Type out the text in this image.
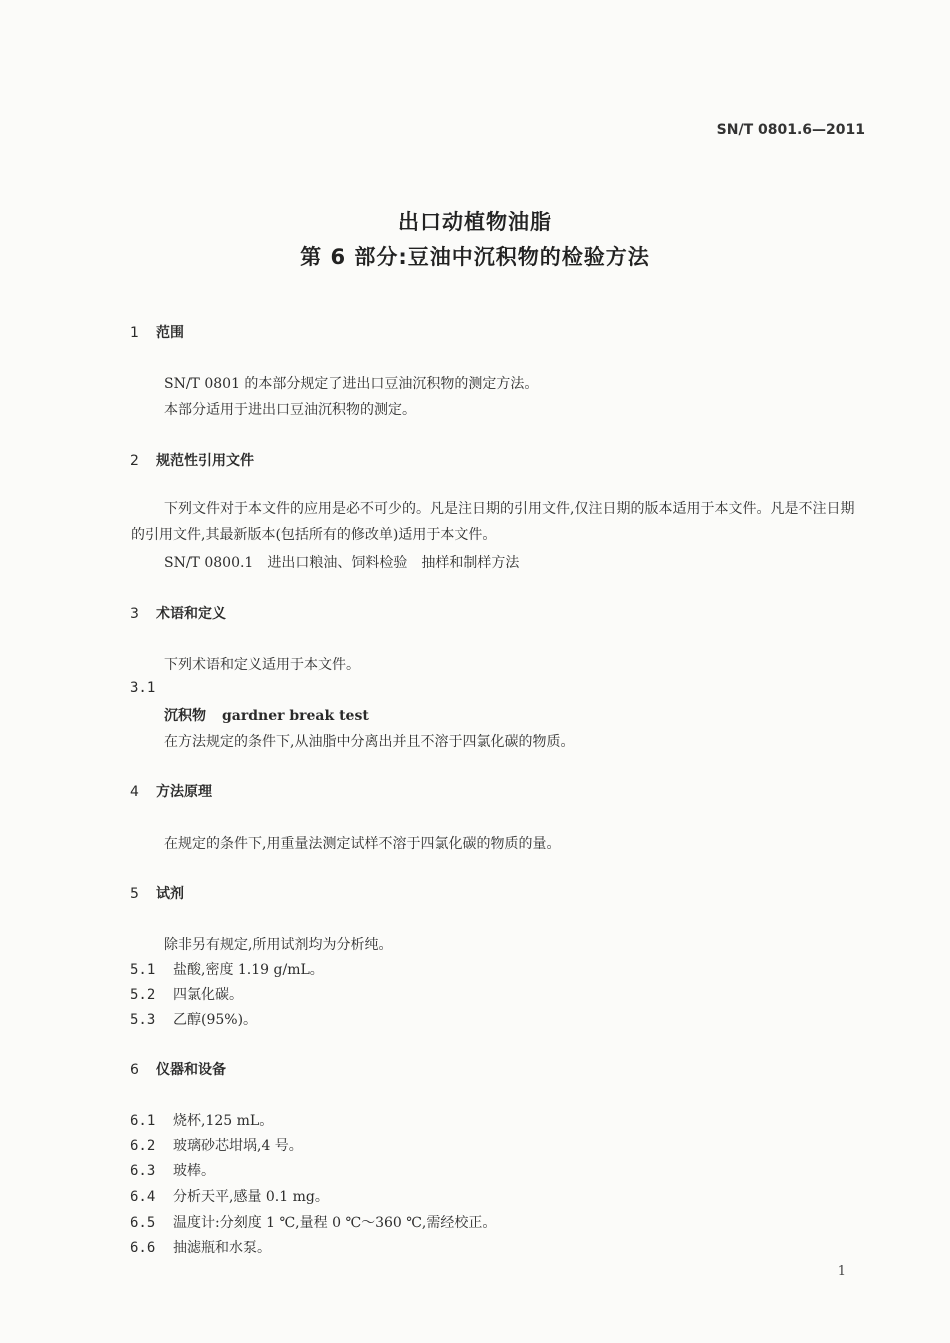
SN/T 0801.6—2011
出口动植物油脂
第 6 部分:豆油中沉积物的检验方法
1 范围
SN/T 0801 的本部分规定了进出口豆油沉积物的测定方法。
本部分适用于进出口豆油沉积物的测定。
2 规范性引用文件
下列文件对于本文件的应用是必不可少的。凡是注日期的引用文件,仅注日期的版本适用于本文件。凡是不注日期的引用文件,其最新版本(包括所有的修改单)适用于本文件。
SN/T 0800.1　进出口粮油、饲料检验　抽样和制样方法
3 术语和定义
下列术语和定义适用于本文件。
3.1
沉积物 gardner break test
在方法规定的条件下,从油脂中分离出并且不溶于四氯化碳的物质。
4 方法原理
在规定的条件下,用重量法测定试样不溶于四氯化碳的物质的量。
5 试剂
除非另有规定,所用试剂均为分析纯。
5.1 盐酸,密度 1.19 g/mL。
5.2 四氯化碳。
5.3 乙醇(95%)。
6 仪器和设备
6.1 烧杯,125 mL。
6.2 玻璃砂芯坩埚,4 号。
6.3 玻棒。
6.4 分析天平,感量 0.1 mg。
6.5 温度计:分刻度 1 ℃,量程 0 ℃～360 ℃,需经校正。
6.6 抽滤瓶和水泵。
1
